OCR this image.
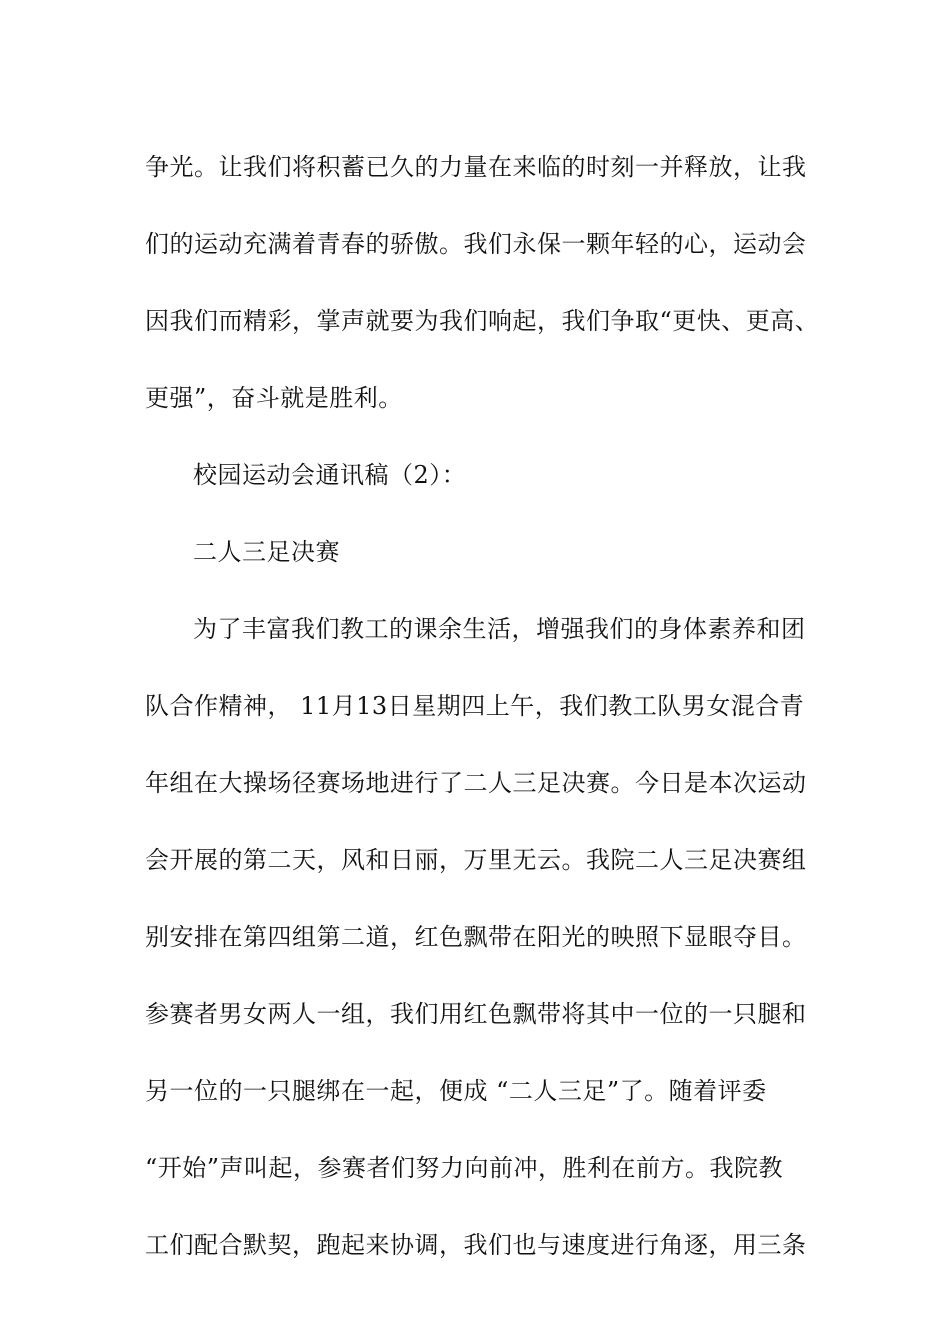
争光。让我们将积蓄已久的力量在来临的时刻一并释放，让我
们的运动充满着青春的骄傲。我们永保一颗年轻的心，运动会
因我们而精彩，掌声就要为我们响起，我们争取“更快、更高、
更强”，奋斗就是胜利。
校园运动会通讯稿（2）：
二人三足决赛
为了丰富我们教工的课余生活，增强我们的身体素养和团
队合作精神， 11月13日星期四上午，我们教工队男女混合青
年组在大操场径赛场地进行了二人三足决赛。今日是本次运动
会开展的第二天，风和日丽，万里无云。我院二人三足决赛组
别安排在第四组第二道，红色飘带在阳光的映照下显眼夺目。
参赛者男女两人一组，我们用红色飘带将其中一位的一只腿和
另一位的一只腿绑在一起，便成 “二人三足”了。随着评委
“开始”声叫起，参赛者们努力向前冲，胜利在前方。我院教
工们配合默契，跑起来协调，我们也与速度进行角逐，用三条
